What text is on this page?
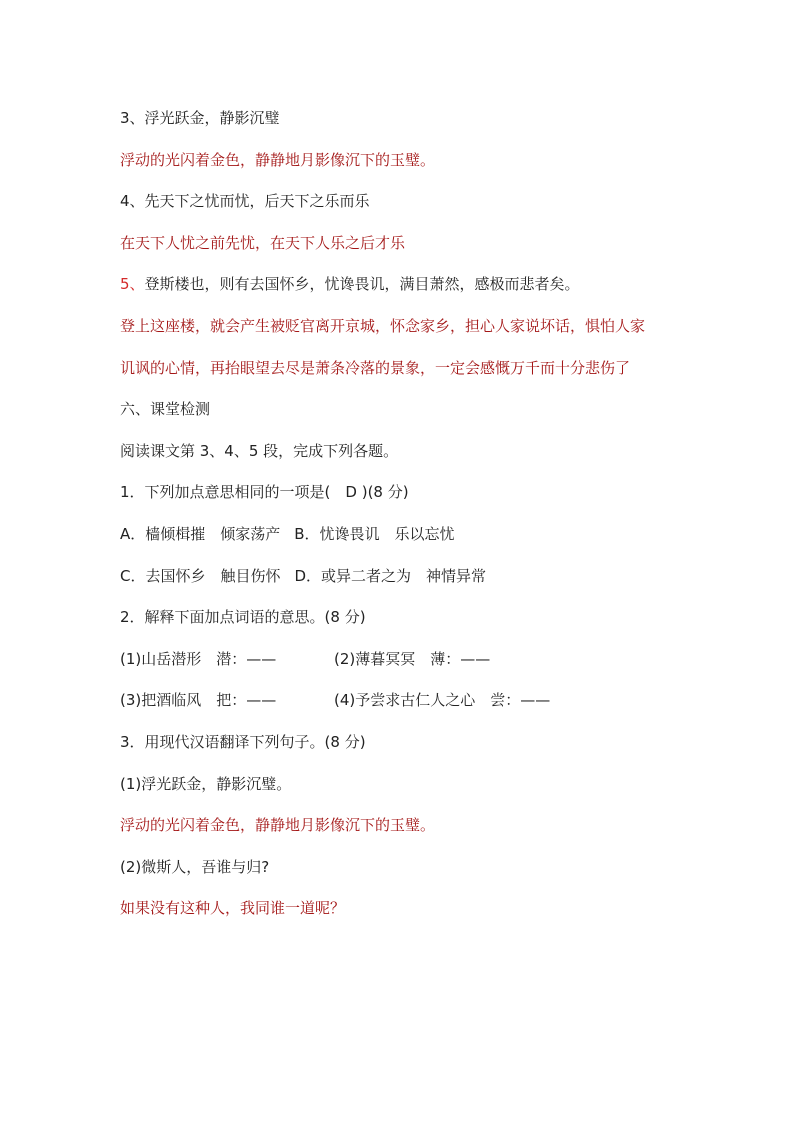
3、浮光跃金，静影沉璧
浮动的光闪着金色，静静地月影像沉下的玉璧。
4、先天下之忧而忧，后天下之乐而乐
在天下人忧之前先忧，在天下人乐之后才乐
5、登斯楼也，则有去国怀乡，忧谗畏讥，满目萧然，感极而悲者矣。
登上这座楼，就会产生被贬官离开京城，怀念家乡，担心人家说坏话，惧怕人家
讥讽的心情，再抬眼望去尽是萧条冷落的景象，一定会感慨万千而十分悲伤了
六、课堂检测
阅读课文第 3、4、5 段，完成下列各题。
1．下列加点意思相同的一项是(　D )(8 分)
A．樯倾楫摧　倾家荡产 B．忧谗畏讥　乐以忘忧
C．去国怀乡　触目伤怀 D．或异二者之为　神情异常
2．解释下面加点词语的意思。(8 分)
(1)山岳潜形　潜：——	(2)薄暮冥冥　薄：——
(3)把酒临风　把：——	(4)予尝求古仁人之心　尝：——
3．用现代汉语翻译下列句子。(8 分)
(1)浮光跃金，静影沉璧。
浮动的光闪着金色，静静地月影像沉下的玉璧。
(2)微斯人，吾谁与归?
如果没有这种人，我同谁一道呢？
